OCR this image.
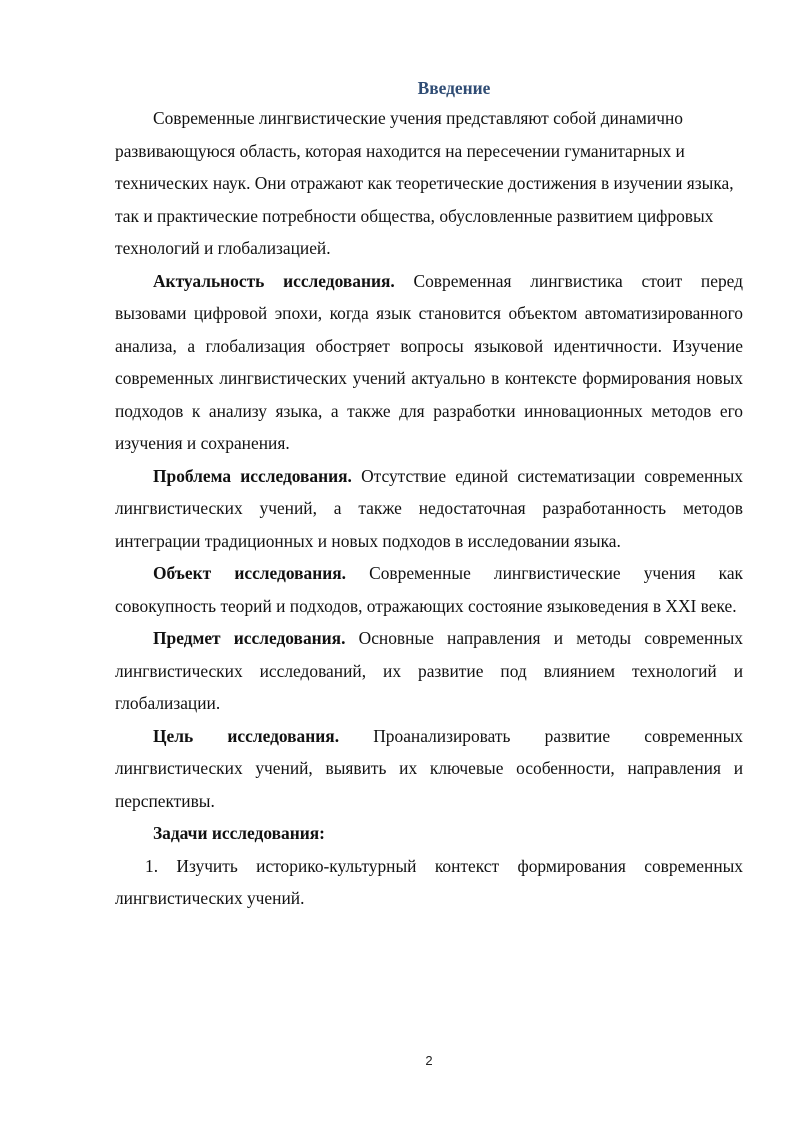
Введение

Современные лингвистические учения представляют собой динамично развивающуюся область, которая находится на пересечении гуманитарных и технических наук. Они отражают как теоретические достижения в изучении языка, так и практические потребности общества, обусловленные развитием цифровых технологий и глобализацией.

Актуальность исследования. Современная лингвистика стоит перед вызовами цифровой эпохи, когда язык становится объектом автоматизированного анализа, а глобализация обостряет вопросы языковой идентичности. Изучение современных лингвистических учений актуально в контексте формирования новых подходов к анализу языка, а также для разработки инновационных методов его изучения и сохранения.

Проблема исследования. Отсутствие единой систематизации современных лингвистических учений, а также недостаточная разработанность методов интеграции традиционных и новых подходов в исследовании языка.

Объект исследования. Современные лингвистические учения как совокупность теорий и подходов, отражающих состояние языковедения в XXI веке.

Предмет исследования. Основные направления и методы современных лингвистических исследований, их развитие под влиянием технологий и глобализации.

Цель исследования. Проанализировать развитие современных лингвистических учений, выявить их ключевые особенности, направления и перспективы.

Задачи исследования:

1. Изучить историко-культурный контекст формирования современных лингвистических учений.

2
